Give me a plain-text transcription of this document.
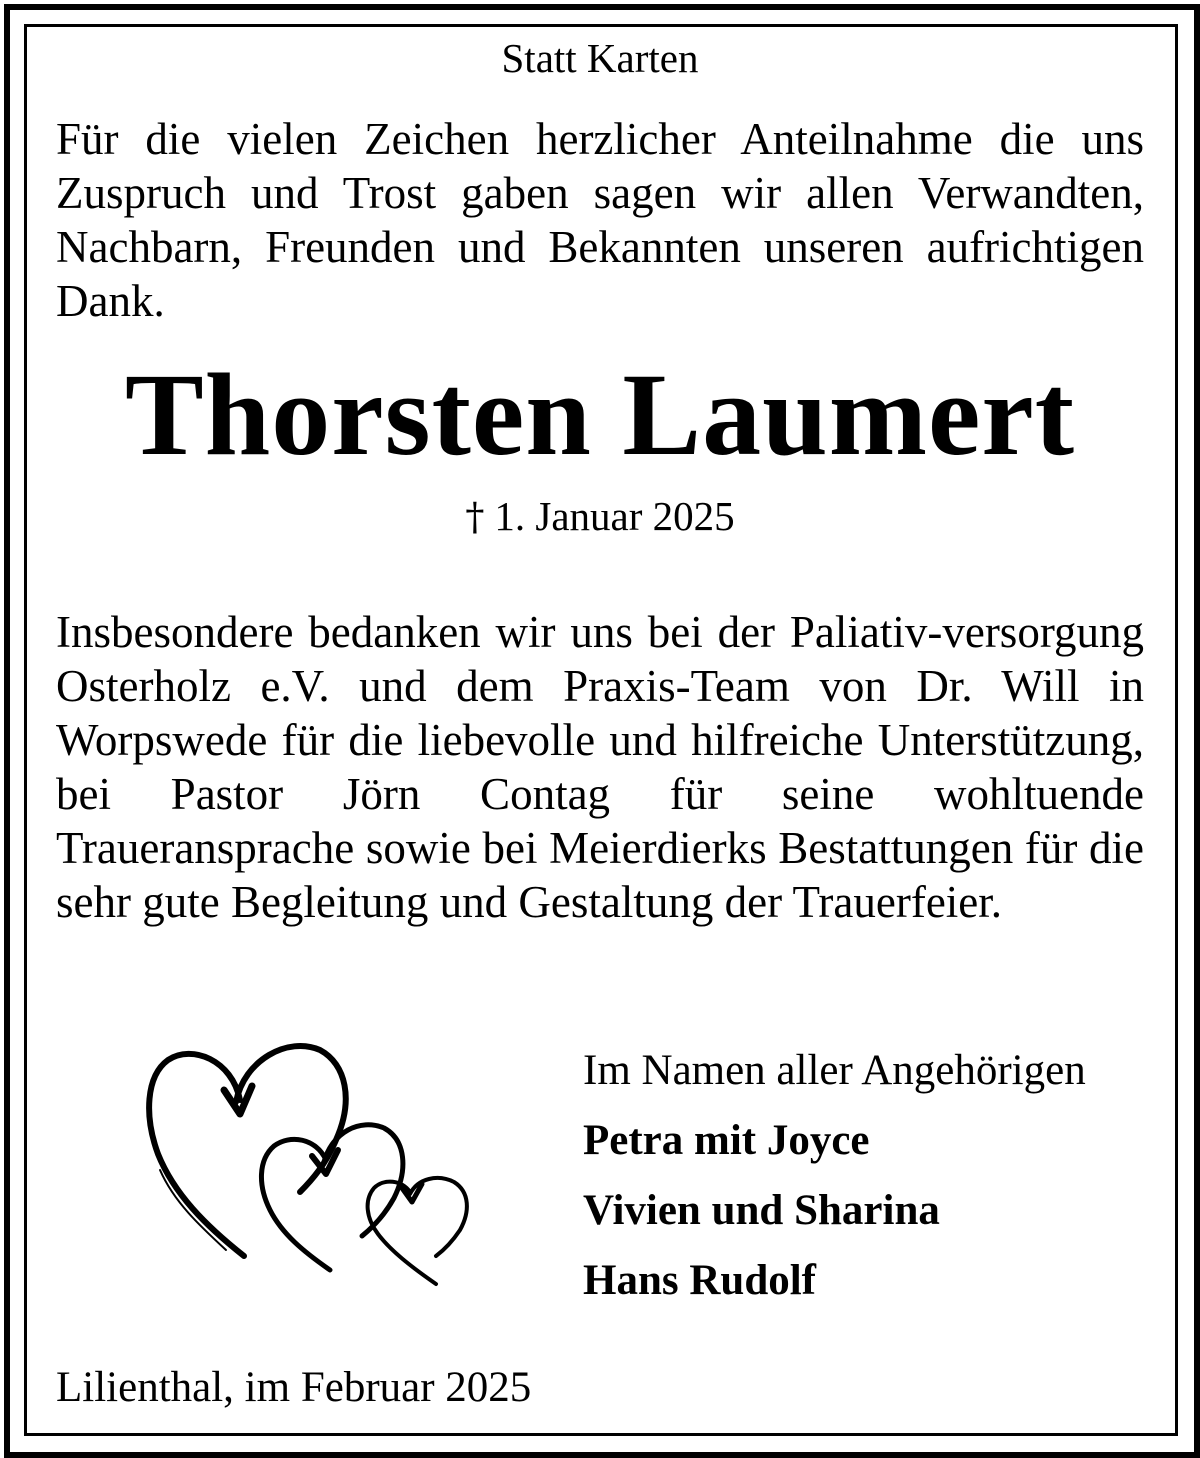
Statt Karten
Für die vielen Zeichen herzlicher Anteilnahme die uns Zuspruch und Trost gaben sagen wir allen Verwandten, Nachbarn, Freunden und Bekannten unseren aufrichtigen Dank.
Thorsten Laumert
† 1. Januar 2025
Insbesondere bedanken wir uns bei der Paliativ-versorgung Osterholz e.V. und dem Praxis-Team von Dr. Will in Worpswede für die liebevolle und hilfreiche Unterstützung, bei Pastor Jörn Contag für seine wohltuende Traueransprache sowie bei Meierdierks Bestattungen für die sehr gute Begleitung und Gestaltung der Trauerfeier.
Im Namen aller Angehörigen
Petra mit Joyce
Vivien und Sharina
Hans Rudolf
Lilienthal, im Februar 2025
